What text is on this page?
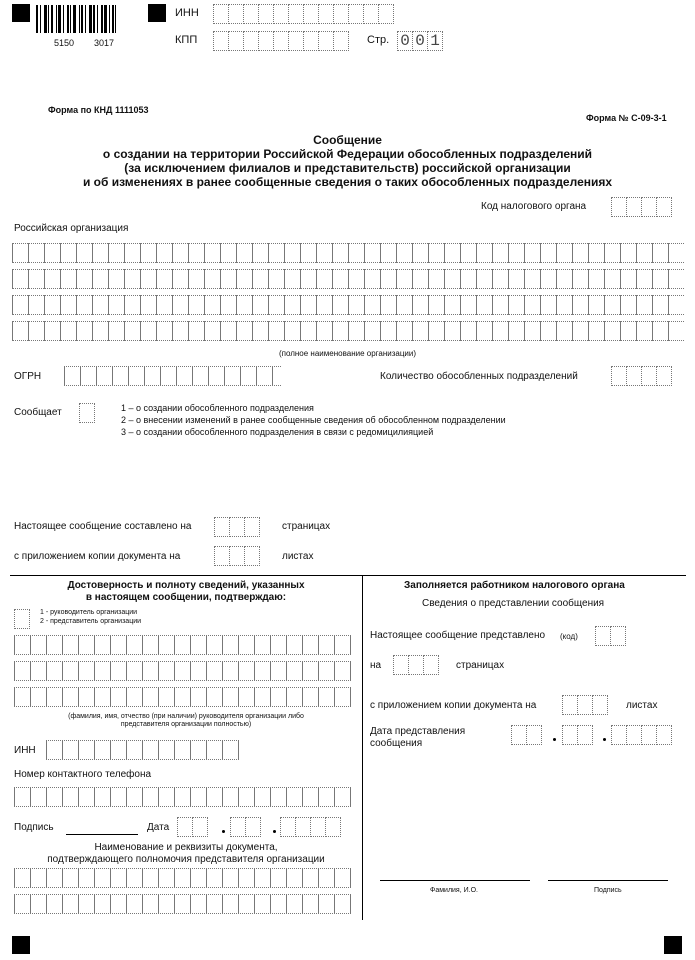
5150 3017
ИНН
КПП	Стр. 0 0 1
Форма по КНД 1111053
Форма № С-09-3-1
Сообщение
о создании на территории Российской Федерации обособленных подразделений
(за исключением филиалов и представительств) российской организации
и об изменениях в ранее сообщенные сведения о таких обособленных подразделениях
Код налогового органа
Российская организация
(полное наименование организации)
ОГРН	Количество обособленных подразделений
Сообщает	1 – о создании обособленного подразделения
2 – о внесении изменений в ранее сообщенные сведения об обособленном подразделении
3 – о создании обособленного подразделения в связи с редомицилияцией
Настоящее сообщение составлено на	страницах
с приложением копии документа на	листах
Достоверность и полноту сведений, указанных
в настоящем сообщении, подтверждаю:
1 - руководитель организации
2 - представитель организации
(фамилия, имя, отчество (при наличии) руководителя организации либо
представителя организации полностью)
ИНН
Номер контактного телефона
Подпись	Дата
Наименование и реквизиты документа,
подтверждающего полномочия представителя организации
Заполняется работником налогового органа
Сведения о представлении сообщения
Настоящее сообщение представлено (код)
на	страницах
с приложением копии документа на	листах
Дата представления
сообщения
Фамилия, И.О.	Подпись
